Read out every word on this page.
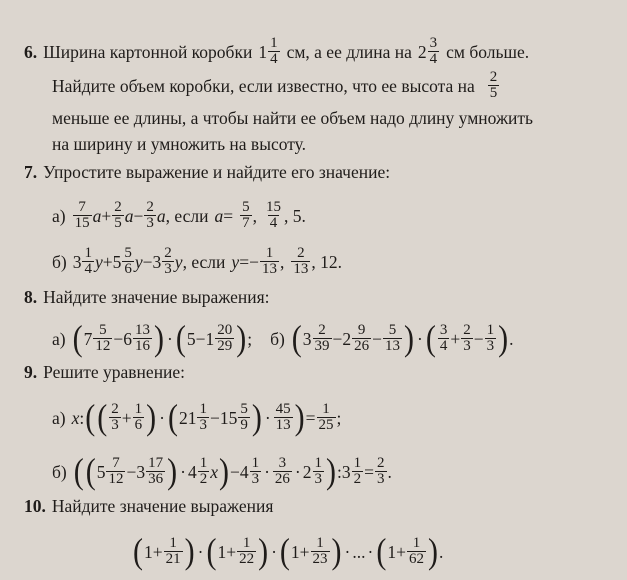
6. Ширина картонной коробки $1 \frac{1}{4}$ см, а ее длина на $2 \frac{3}{4}$ см больше.
Найдите объем коробки, если известно, что ее высота на $\frac{2}{5}$
меньше ее длины, а чтобы найти ее объем надо длину умножить
на ширину и умножить на высоту.
7. Упростите выражение и найдите его значение:
$а) \frac{7}{15}$ $a + \frac{2}{5}$ $a - \frac{2}{3}$ a , если $a = \frac{5}{7}$ , $\frac{15}{4}$ , 5.
б) $3 \frac{1}{4}$ $y + 5 \frac{5}{6}$ $y - 3 \frac{2}{3}$ y , если y = − $\frac{1}{13}$ , $\frac{2}{13}$ , 12.
8. Найдите значение выражения:
а) ( $7 \frac{5}{12} - 6 \frac{13}{16}$ ) · ( $5 - 1 \frac{20}{29}$ ) ; б) ( $3 \frac{2}{39} - 2 \frac{9}{26} - \frac{5}{13}$ ) · ( $\frac{3}{4} + \frac{2}{3} - \frac{1}{3}$ ) .
9. Решите уравнение:
а) x : ( ( $\frac{2}{3} + \frac{1}{6}$ ) · ( $21 \frac{1}{3} - 15 \frac{5}{9}$ ) · $\frac{45}{13}$ ) = $\frac{1}{25}$ ;
б) ( ( $5 \frac{7}{12} - 3 \frac{17}{36}$ ) · $4 \frac{1}{2}$ x ) − $4 \frac{1}{3} \cdot \frac{3}{26} \cdot 2 \frac{1}{3}$ ) : $3 \frac{1}{2} = \frac{2}{3}$ .
10. Найдите значение выражения
( $1 + \frac{1}{21}$ ) · ( $1 + \frac{1}{22}$ ) · ( $1 + \frac{1}{23}$ ) · ... · ( $1 + \frac{1}{62}$ ) .
